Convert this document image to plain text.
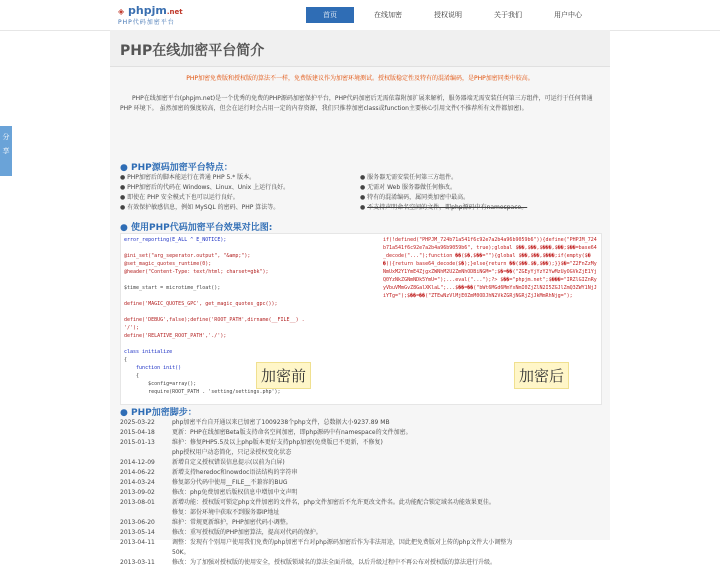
◈ phpjm.net
PHP代码加密平台
首页	在线加密	授权说明	关于我们	用户中心
分
享
PHP在线加密平台简介
PHP加密免费版和授权版的算法不一样，免费版建议作为加密环境测试。授权版稳定性及特有的混淆编码，是PHP加密同类中较高。
PHP在线加密平台(phpjm.net)是一个优秀的免费的PHP源码加密保护平台，PHP代码加密后无需依靠附加扩展来解析，服务器端无需安装任何第三方组件，可运行于任何普通 PHP 环境下。 虽然加密的强度较高，但会在运行时会占用一定的内存资源，我们只推荐加密class或function主要核心引用文件(不推荐所有文件都加密)。
● PHP源码加密平台特点：
● PHP加密后的脚本能运行在普通 PHP 5.* 版本。
● PHP加密后的代码在 Windows、Linux、Unix 上运行良好。
● 即使在 PHP 安全模式下也可以运行良好。
● 有效保护敏感信息，例如 MySQL 的密码、PHP 算法等。
● 服务器无需安装任何第三方组件。
● 无需对 Web 服务器做任何修改。
● 特有的混淆编码，属同类加密中最高。
● 不支持声明命名空间的文件，即php源码中有namespace。
● 使用PHP代码加密平台效果对比图:
error_reporting(E_ALL ^ E_NOTICE);
@ini_set("arg_seperator.output", "&amp;");
@set_magic_quotes_runtime(0);
@header("Content-Type: text/html; charset=gbk");
$time_start = microtime_float();
define('MAGIC_QUOTES_GPC', get_magic_quotes_gpc());
define('DEBUG',false);define('ROOT_PATH',dirname(__FILE__) .
'/');
define('RELATIVE_ROOT_PATH','./');
class initialize
{
function init()
{
$config=array();
require(ROOT_PATH . 'setting/settings.php');
if(!defined("PHPJM_724b71a541f6c92e7a2b4a96b9059b6")){define("PHPJM_724b71a541f6c92e7a2b4a96b9059b6", true);global $��,$��,$���,$��;$��=base64_decode("...");function ��($�,$��=""){global $��,$��,$���;if(empty($��)){return base64_decode($�);}else{return ��($��.$�,$��);}}$�="Z2FnZzMyNmUxM2Y1YmE4ZjgxZWNhM2U2ZmNhODBiNGM=";$�=��("ZGEyYjYzY2YwMzUyOGVkZjE1YjQ0YzNkZGNmNDk5YmU=");...eval("...");?> $��="phpjm.net";$���="IRZlGIZnRyyVbuVMmGvZ8GalXKlaL";...$��=��("bWt6MGd6MmYxNmI0ZjZlN2I5ZGJlZmQ3ZWY1NjJiYTg=");$��=��("ZTEwNzVlMjE0ZmM0ODJhN2VkZGRjNGRjZjJkMmRhNjg=");
加密前	加密后
● PHP加密脚步：
2025-03-22	php加密平台自开通以来已加密了1009238个php文件，总数据大小9237.89 MB
2015-04-18	更新：PHP在线加密Beta版支持命名空间加密，即php源码中有namespace的文件加密。
2015-01-13	维护：修复PHP5.5及以上php版本更好支持php加密(免费版已不更新，不修复)
php授权用户动态简化，只记录授权变化状态
2014-12-09	新增自定义授权错误信息提示(以前为白屏)
2014-06-22	新增支持heredoc和nowdoc语法结构的字符串
2014-03-24	修复部分代码中使用__FILE__不兼容的BUG
2013-09-02	修改：php免费加密后版权信息中增加中文声明
2013-08-01	新增功能：授权版可锁定php文件加密的文件名，php文件加密后不允许更改文件名。此功能配合锁定域名功能效果更佳。
修复：部份环境中获取不到服务器IP地址
2013-06-20	维护：常规更新维护，PHP加密代码小调整。
2013-05-14	修改：重写授权版的PHP加密算法，提高对代码的保护。
2013-04-11	调整：发现有个别用户使用我们免费的php加密平台对php源码加密后作为非法用途，因此把免费版对上传的php文件大小调整为
50K。
2013-03-11	修改：为了加强对授权版的使用安全，授权版锁域名的算法全面升级，以后升级过程中不再公布对授权版的算法进行升级。
